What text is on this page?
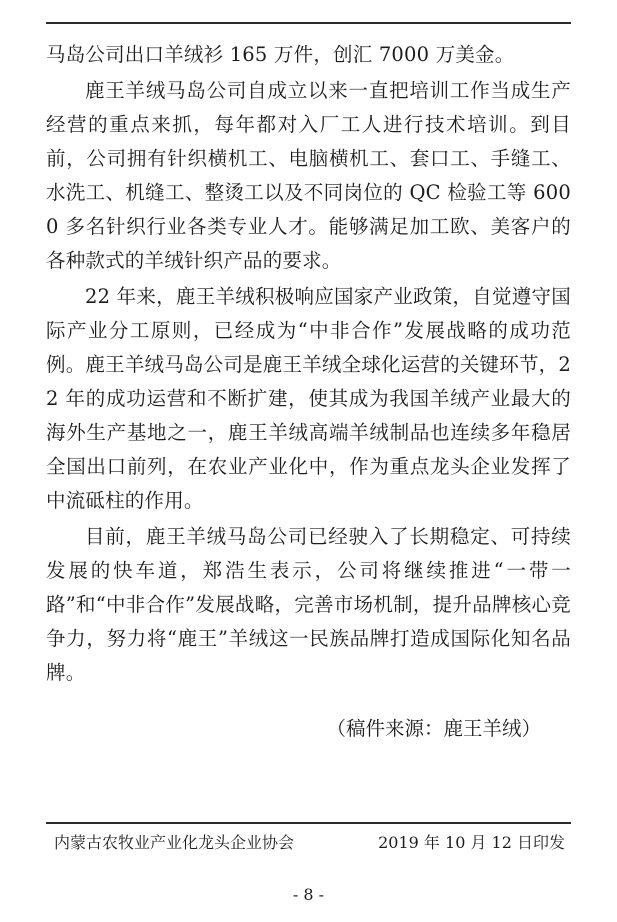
马岛公司出口羊绒衫 165 万件，创汇 7000 万美金。

鹿王羊绒马岛公司自成立以来一直把培训工作当成生产经营的重点来抓，每年都对入厂工人进行技术培训。到目前，公司拥有针织横机工、电脑横机工、套口工、手缝工、水洗工、机缝工、整烫工以及不同岗位的 QC 检验工等 6000 多名针织行业各类专业人才。能够满足加工欧、美客户的各种款式的羊绒针织产品的要求。

22 年来，鹿王羊绒积极响应国家产业政策，自觉遵守国际产业分工原则，已经成为“中非合作”发展战略的成功范例。鹿王羊绒马岛公司是鹿王羊绒全球化运营的关键环节，22 年的成功运营和不断扩建，使其成为我国羊绒产业最大的海外生产基地之一，鹿王羊绒高端羊绒制品也连续多年稳居全国出口前列，在农业产业化中，作为重点龙头企业发挥了中流砥柱的作用。

目前，鹿王羊绒马岛公司已经驶入了长期稳定、可持续发展的快车道，郑浩生表示，公司将继续推进“一带一路”和“中非合作”发展战略，完善市场机制，提升品牌核心竞争力，努力将“鹿王”羊绒这一民族品牌打造成国际化知名品牌。

（稿件来源：鹿王羊绒）
内蒙古农牧业产业化龙头企业协会	2019 年 10 月 12 日印发
- 8 -
